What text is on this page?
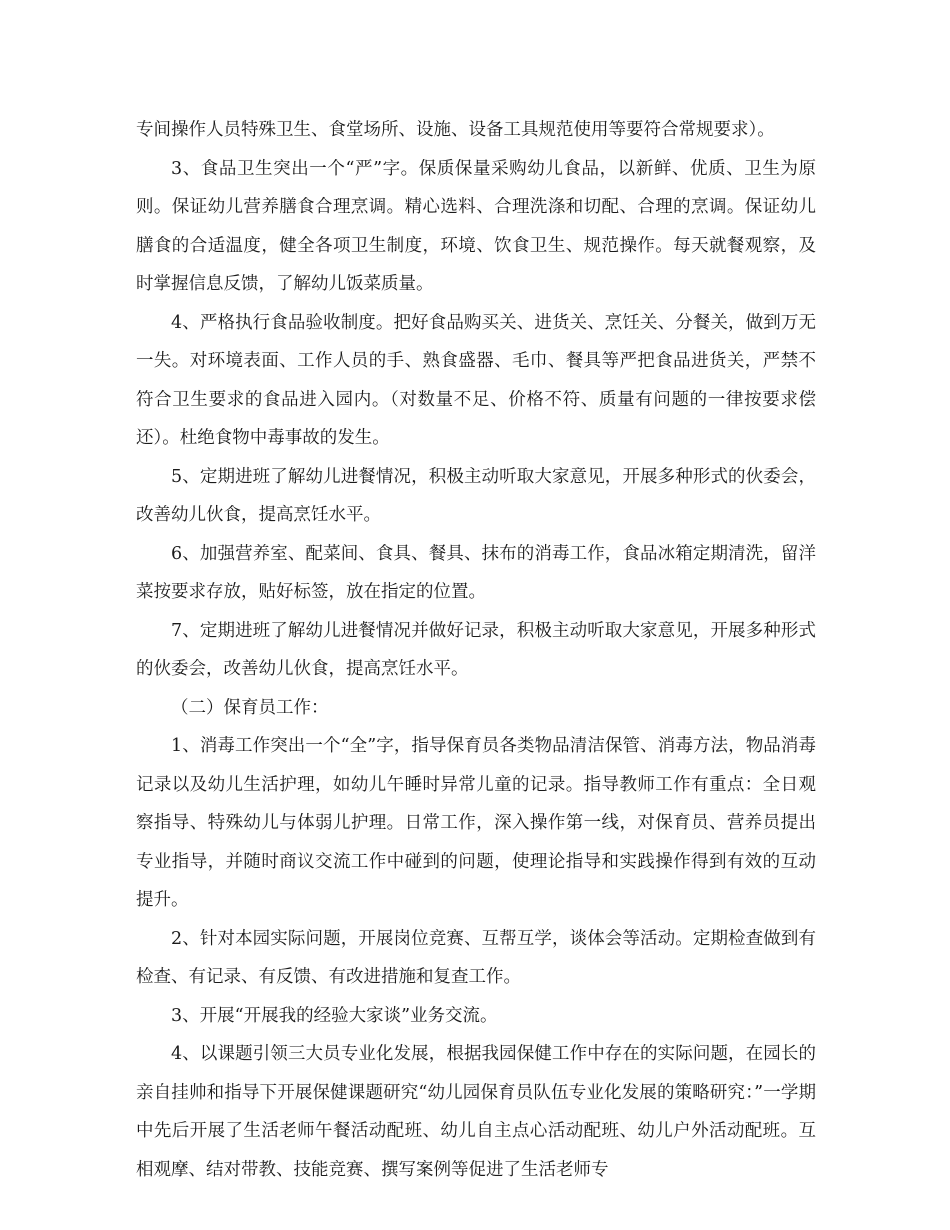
专间操作人员特殊卫生、食堂场所、设施、设备工具规范使用等要符合常规要求）。

3、食品卫生突出一个“严”字。保质保量采购幼儿食品，以新鲜、优质、卫生为原则。保证幼儿营养膳食合理烹调。精心选料、合理洗涤和切配、合理的烹调。保证幼儿膳食的合适温度，健全各项卫生制度，环境、饮食卫生、规范操作。每天就餐观察，及时掌握信息反馈，了解幼儿饭菜质量。

4、严格执行食品验收制度。把好食品购买关、进货关、烹饪关、分餐关，做到万无一失。对环境表面、工作人员的手、熟食盛器、毛巾、餐具等严把食品进货关，严禁不符合卫生要求的食品进入园内。（对数量不足、价格不符、质量有问题的一律按要求偿还）。杜绝食物中毒事故的发生。

5、定期进班了解幼儿进餐情况，积极主动听取大家意见，开展多种形式的伙委会，改善幼儿伙食，提高烹饪水平。

6、加强营养室、配菜间、食具、餐具、抹布的消毒工作，食品冰箱定期清洗，留洋菜按要求存放，贴好标签，放在指定的位置。

7、定期进班了解幼儿进餐情况并做好记录，积极主动听取大家意见，开展多种形式的伙委会，改善幼儿伙食，提高烹饪水平。

（二）保育员工作：

1、消毒工作突出一个“全”字，指导保育员各类物品清洁保管、消毒方法，物品消毒记录以及幼儿生活护理，如幼儿午睡时异常儿童的记录。指导教师工作有重点：全日观察指导、特殊幼儿与体弱儿护理。日常工作，深入操作第一线，对保育员、营养员提出专业指导，并随时商议交流工作中碰到的问题，使理论指导和实践操作得到有效的互动提升。

2、针对本园实际问题，开展岗位竞赛、互帮互学，谈体会等活动。定期检查做到有检查、有记录、有反馈、有改进措施和复查工作。

3、开展“开展我的经验大家谈”业务交流。

4、以课题引领三大员专业化发展，根据我园保健工作中存在的实际问题，在园长的亲自挂帅和指导下开展保健课题研究“幼儿园保育员队伍专业化发展的策略研究：”一学期中先后开展了生活老师午餐活动配班、幼儿自主点心活动配班、幼儿户外活动配班。互相观摩、结对带教、技能竞赛、撰写案例等促进了生活老师专
